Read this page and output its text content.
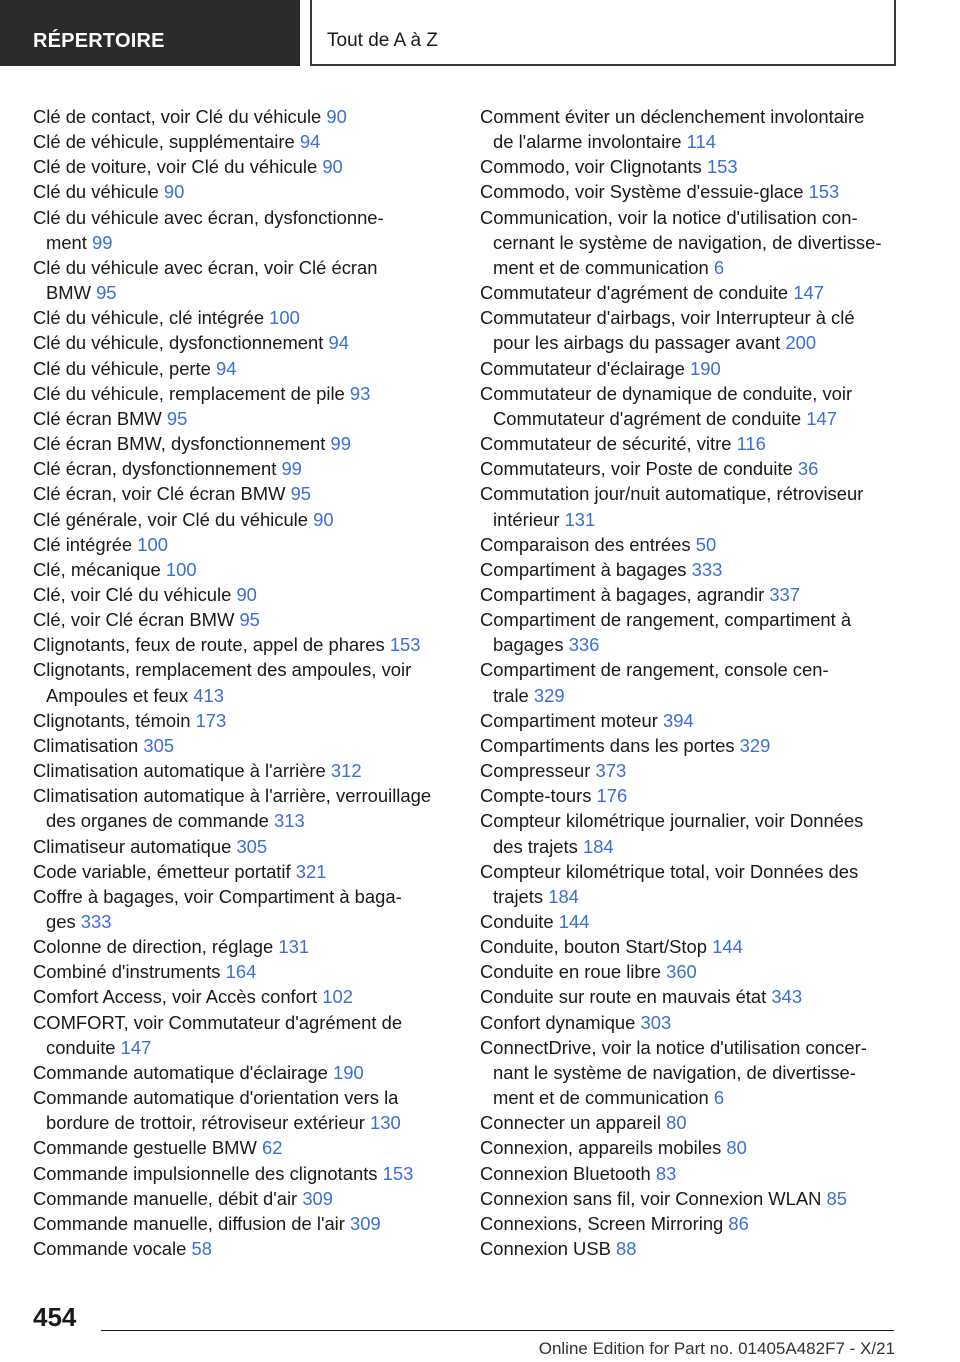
RÉPERTOIRE	Tout de A à Z
Clé de contact, voir Clé du véhicule 90
Clé de véhicule, supplémentaire 94
Clé de voiture, voir Clé du véhicule 90
Clé du véhicule 90
Clé du véhicule avec écran, dysfonctionne-
ment 99
Clé du véhicule avec écran, voir Clé écran
BMW 95
Clé du véhicule, clé intégrée 100
Clé du véhicule, dysfonctionnement 94
Clé du véhicule, perte 94
Clé du véhicule, remplacement de pile 93
Clé écran BMW 95
Clé écran BMW, dysfonctionnement 99
Clé écran, dysfonctionnement 99
Clé écran, voir Clé écran BMW 95
Clé générale, voir Clé du véhicule 90
Clé intégrée 100
Clé, mécanique 100
Clé, voir Clé du véhicule 90
Clé, voir Clé écran BMW 95
Clignotants, feux de route, appel de phares 153
Clignotants, remplacement des ampoules, voir
Ampoules et feux 413
Clignotants, témoin 173
Climatisation 305
Climatisation automatique à l'arrière 312
Climatisation automatique à l'arrière, verrouillage
des organes de commande 313
Climatiseur automatique 305
Code variable, émetteur portatif 321
Coffre à bagages, voir Compartiment à baga-
ges 333
Colonne de direction, réglage 131
Combiné d'instruments 164
Comfort Access, voir Accès confort 102
COMFORT, voir Commutateur d'agrément de
conduite 147
Commande automatique d'éclairage 190
Commande automatique d'orientation vers la
bordure de trottoir, rétroviseur extérieur 130
Commande gestuelle BMW 62
Commande impulsionnelle des clignotants 153
Commande manuelle, débit d'air 309
Commande manuelle, diffusion de l'air 309
Commande vocale 58
Comment éviter un déclenchement involontaire
de l'alarme involontaire 114
Commodo, voir Clignotants 153
Commodo, voir Système d'essuie-glace 153
Communication, voir la notice d'utilisation con-
cernant le système de navigation, de divertisse-
ment et de communication 6
Commutateur d'agrément de conduite 147
Commutateur d'airbags, voir Interrupteur à clé
pour les airbags du passager avant 200
Commutateur d'éclairage 190
Commutateur de dynamique de conduite, voir
Commutateur d'agrément de conduite 147
Commutateur de sécurité, vitre 116
Commutateurs, voir Poste de conduite 36
Commutation jour/nuit automatique, rétroviseur
intérieur 131
Comparaison des entrées 50
Compartiment à bagages 333
Compartiment à bagages, agrandir 337
Compartiment de rangement, compartiment à
bagages 336
Compartiment de rangement, console cen-
trale 329
Compartiment moteur 394
Compartiments dans les portes 329
Compresseur 373
Compte-tours 176
Compteur kilométrique journalier, voir Données
des trajets 184
Compteur kilométrique total, voir Données des
trajets 184
Conduite 144
Conduite, bouton Start/Stop 144
Conduite en roue libre 360
Conduite sur route en mauvais état 343
Confort dynamique 303
ConnectDrive, voir la notice d'utilisation concer-
nant le système de navigation, de divertisse-
ment et de communication 6
Connecter un appareil 80
Connexion, appareils mobiles 80
Connexion Bluetooth 83
Connexion sans fil, voir Connexion WLAN 85
Connexions, Screen Mirroring 86
Connexion USB 88
454
Online Edition for Part no. 01405A482F7 - X/21
